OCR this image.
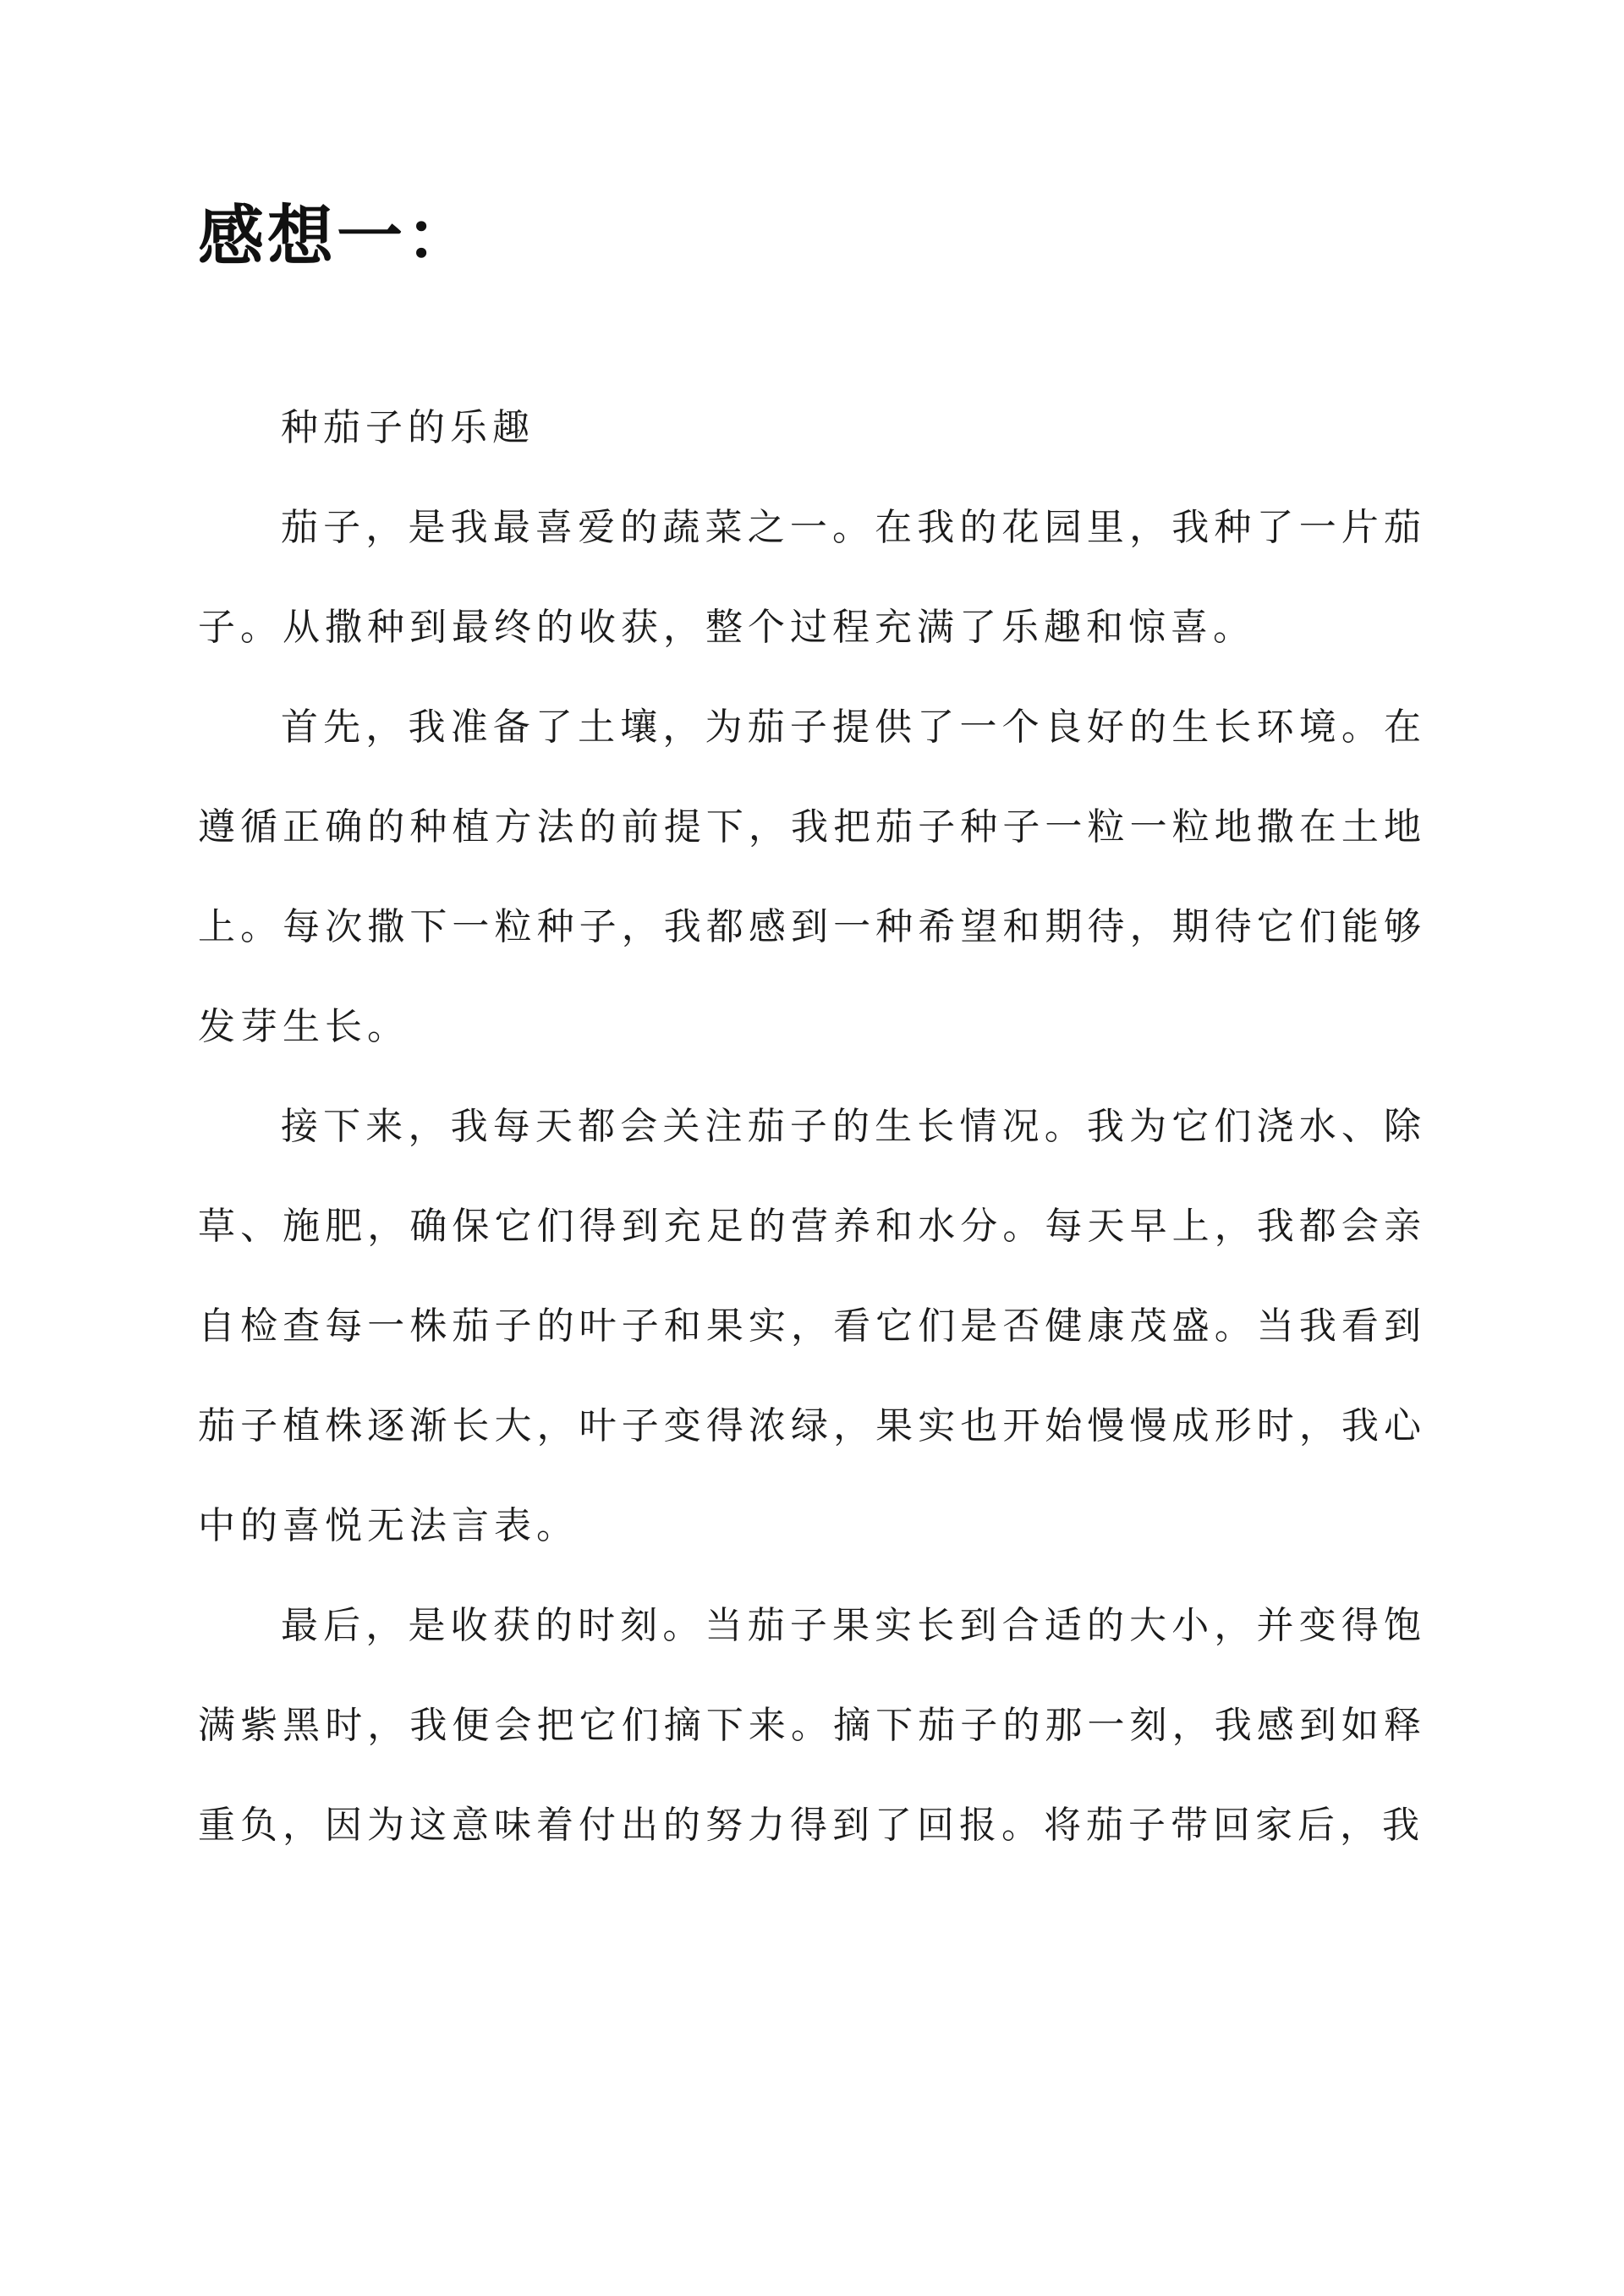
感想一：

种茄子的乐趣

茄子，是我最喜爱的蔬菜之一。在我的花园里，我种了一片茄子。从撒种到最终的收获，整个过程充满了乐趣和惊喜。

首先，我准备了土壤，为茄子提供了一个良好的生长环境。在遵循正确的种植方法的前提下，我把茄子种子一粒一粒地撒在土地上。每次撒下一粒种子，我都感到一种希望和期待，期待它们能够发芽生长。

接下来，我每天都会关注茄子的生长情况。我为它们浇水、除草、施肥，确保它们得到充足的营养和水分。每天早上，我都会亲自检查每一株茄子的叶子和果实，看它们是否健康茂盛。当我看到茄子植株逐渐长大，叶子变得浓绿，果实也开始慢慢成形时，我心中的喜悦无法言表。

最后，是收获的时刻。当茄子果实长到合适的大小，并变得饱满紫黑时，我便会把它们摘下来。摘下茄子的那一刻，我感到如释重负，因为这意味着付出的努力得到了回报。将茄子带回家后，我
